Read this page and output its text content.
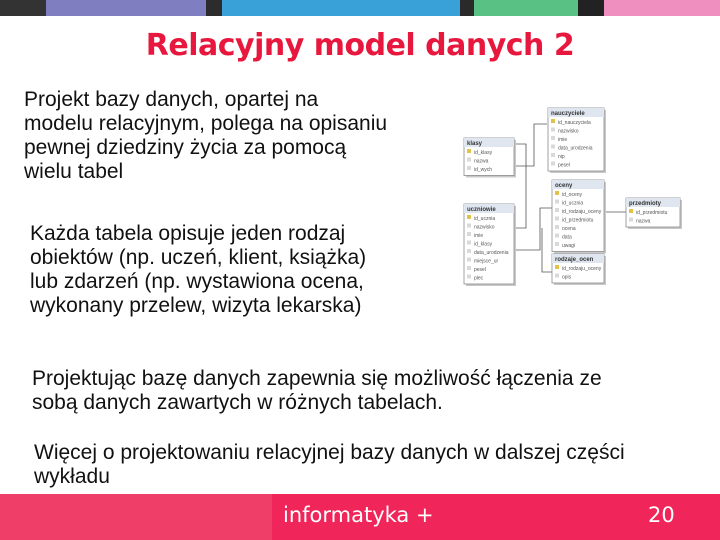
Relacyjny model danych 2
Projekt bazy danych, opartej na
modelu relacyjnym, polega na opisaniu
pewnej dziedziny życia za pomocą
wielu tabel
Każda tabela opisuje jeden rodzaj
obiektów (np. uczeń, klient, książka)
lub zdarzeń (np. wystawiona ocena,
wykonany przelew, wizyta lekarska)
Projektując bazę danych zapewnia się możliwość łączenia ze
sobą danych zawartych w różnych tabelach.
Więcej o projektowaniu relacyjnej bazy danych w dalszej części
wykładu
nauczyciele
id_nauczyciela
nazwisko
imie
data_urodzenia
nip
pesel
klasy
id_klasy
nazwa
id_wych
uczniowie
id_ucznia
nazwisko
imie
id_klasy
data_urodzenia
miejsce_ur
pesel
plec
oceny
id_oceny
id_ucznia
id_rodzaju_oceny
id_przedmiotu
ocena
data
uwagi
przedmioty
id_przedmiotu
nazwa
rodzaje_ocen
id_rodzaju_oceny
opis
informatyka +	20
